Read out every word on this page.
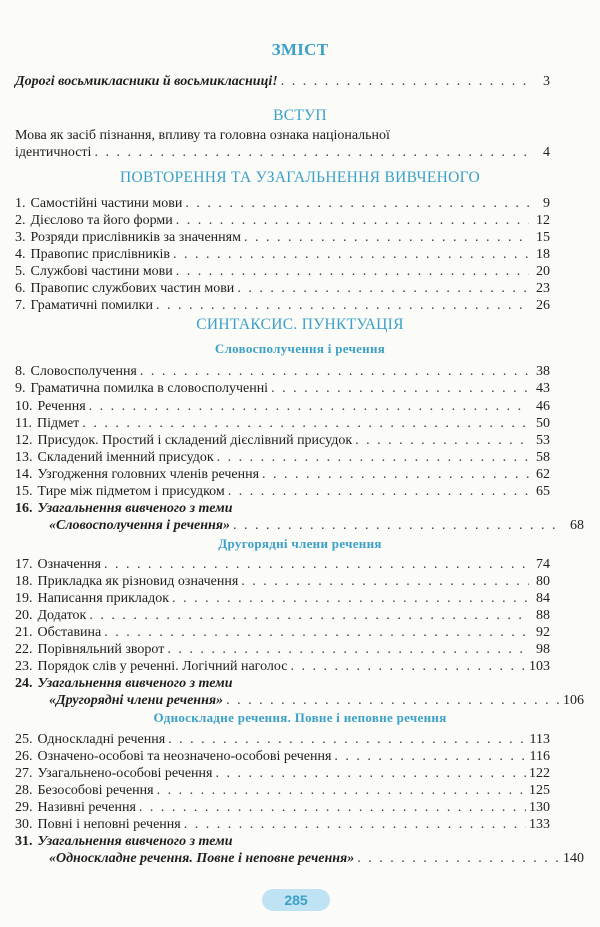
ЗМІСТ
Дорогі восьмикласники й восьмикласниці! . . .	3
ВСТУП
Мова як засіб пізнання, впливу та головна ознака національної
ідентичності . . .	4
ПОВТОРЕННЯ ТА УЗАГАЛЬНЕННЯ ВИВЧЕНОГО
СИНТАКСИС. ПУНКТУАЦІЯ
Словосполучення і речення
Другорядні члени речення
Односкладне речення. Повне і неповне речення
1. Самостійні частини мови . . .	9
2. Дієслово та його форми . . .	12
3. Розряди прислівників за значенням . . .	15
4. Правопис прислівників . . .	18
5. Службові частини мови . . .	20
6. Правопис службових частин мови . . .	23
7. Граматичні помилки . . .	26
8. Словосполучення . . .	38
9. Граматична помилка в словосполученні . . .	43
10. Речення . . .	46
11. Підмет . . .	50
12. Присудок. Простий і складений дієслівний присудок . . .	53
13. Складений іменний присудок . . .	58
14. Узгодження головних членів речення . . .	62
15. Тире між підметом і присудком . . .	65
16. Узагальнення вивченого з теми
«Словосполучення і речення» . . .	68
17. Означення . . .	74
18. Прикладка як різновид означення . . .	80
19. Написання прикладок . . .	84
20. Додаток . . .	88
21. Обставина . . .	92
22. Порівняльний зворот . . .	98
23. Порядок слів у реченні. Логічний наголос . . .	103
24. Узагальнення вивченого з теми
«Другорядні члени речення» . . .	106
25. Односкладні речення . . .	113
26. Означено-особові та неозначено-особові речення . . .	116
27. Узагальнено-особові речення . . .	122
28. Безособові речення . . .	125
29. Називні речення . . .	130
30. Повні і неповні речення . . .	133
31. Узагальнення вивченого з теми
«Односкладне речення. Повне і неповне речення» . . .	140
285
